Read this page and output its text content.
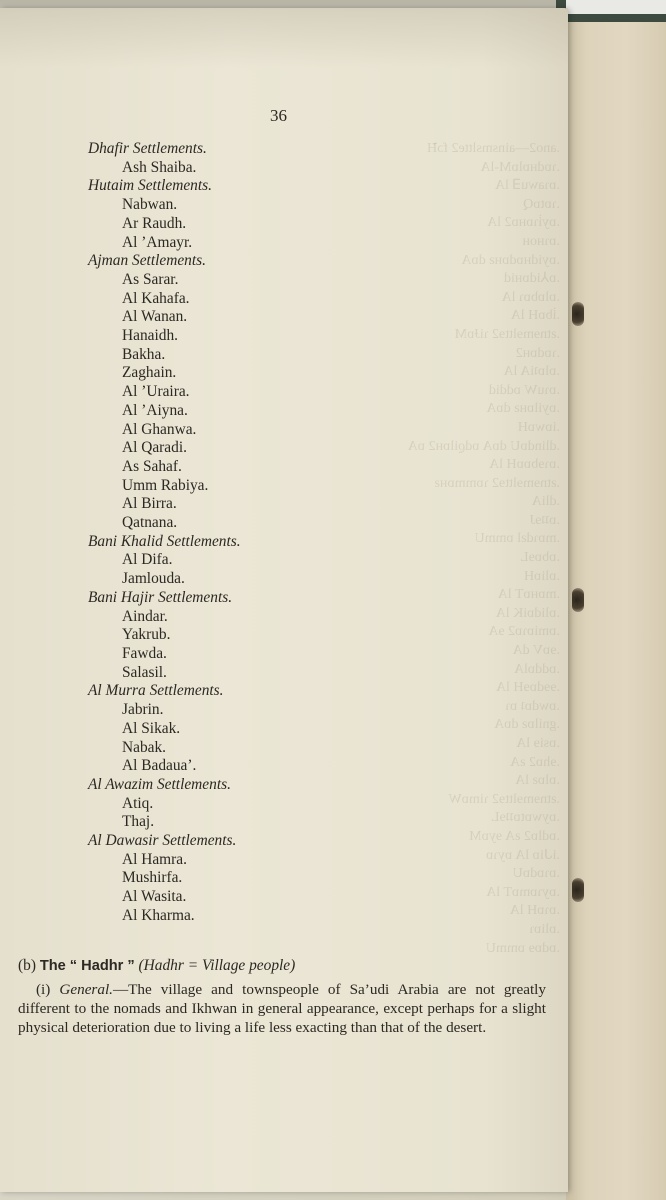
36
Dhafir Settlements.
Ash Shaiba.
Hutaim Settlements.
Nabwan.
Ar Raudh.
Al ’Amayr.
Ajman Settlements.
As Sarar.
Al Kahafa.
Al Wanan.
Hanaidh.
Bakha.
Zaghain.
Al ’Uraira.
Al ’Aiyna.
Al Ghanwa.
Al Qaradi.
As Sahaf.
Umm Rabiya.
Al Birra.
Qatnana.
Bani Khalid Settlements.
Al Difa.
Jamlouda.
Bani Hajir Settlements.
Aindar.
Yakrub.
Fawda.
Salasil.
Al Murra Settlements.
Jabrin.
Al Sikak.
Nabak.
Al Badaua’.
Al Awazim Settlements.
Atiq.
Thaj.
Al Dawasir Settlements.
Al Hamra.
Mushirfa.
Al Wasita.
Al Kharma.
(b) The “ Hadhr ” (Hadhr = Village people)
(i) General.—The village and townspeople of Sa’udi Arabia are not greatly different to the nomads and Ikhwan in general appearance, except perhaps for a slight physical deterioration due to living a life less exacting than that of the desert.
